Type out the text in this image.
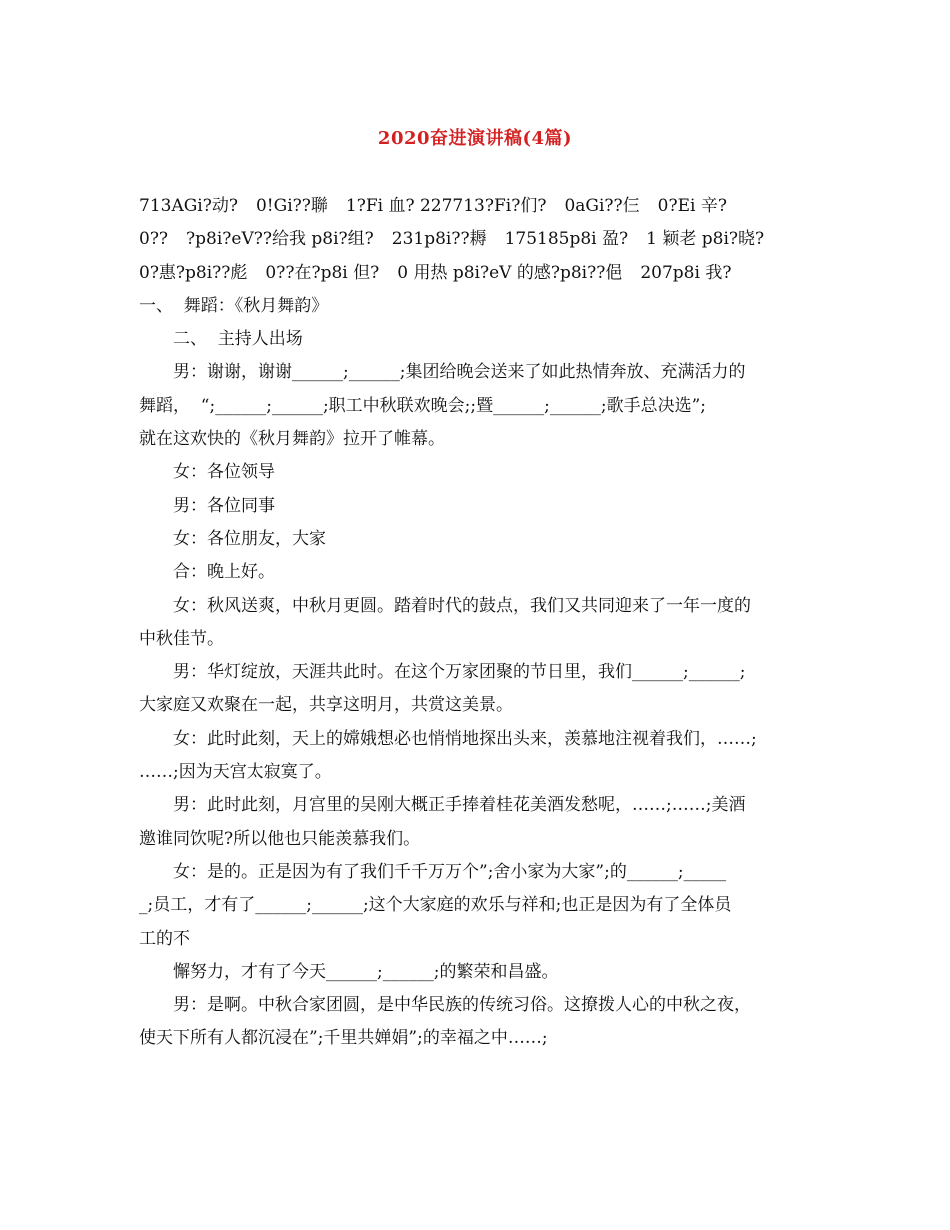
2020奋进演讲稿(4篇)
713AGi?动? 0!Gi??聯 1?Fi 血? 227713?Fi?们? 0aGi??仨 0?Ei 辛?
0?? ?p8i?eV??给我 p8i?组? 231p8i??耨 175185p8i 盈? 1 颖老 p8i?晓?
0?惠?p8i??彪 0??在?p8i 但? 0 用热 p8i?eV 的感?p8i??俋 207p8i 我?
一、  舞蹈：《秋月舞韵》
二、  主持人出场
男：谢谢，谢谢______;______;集团给晚会送来了如此热情奔放、充满活力的
舞蹈，  “;______;______;职工中秋联欢晚会;;暨______;______;歌手总决选”;
就在这欢快的《秋月舞韵》拉开了帷幕。
女：各位领导
男：各位同事
女：各位朋友，大家
合：晚上好。
女：秋风送爽，中秋月更圆。踏着时代的鼓点，我们又共同迎来了一年一度的
中秋佳节。
男：华灯绽放，天涯共此时。在这个万家团聚的节日里，我们______;______;
大家庭又欢聚在一起，共享这明月，共赏这美景。
女：此时此刻，天上的嫦娥想必也悄悄地探出头来，羡慕地注视着我们，……;
……;因为天宫太寂寞了。
男：此时此刻，月宫里的吴刚大概正手捧着桂花美酒发愁呢，……;……;美酒
邀谁同饮呢?所以他也只能羡慕我们。
女：是的。正是因为有了我们千千万万个”;舍小家为大家”;的______;_____
_;员工，才有了______;______;这个大家庭的欢乐与祥和;也正是因为有了全体员
工的不
懈努力，才有了今天______;______;的繁荣和昌盛。
男：是啊。中秋合家团圆，是中华民族的传统习俗。这撩拨人心的中秋之夜，
使天下所有人都沉浸在”;千里共婵娟”;的幸福之中……;
